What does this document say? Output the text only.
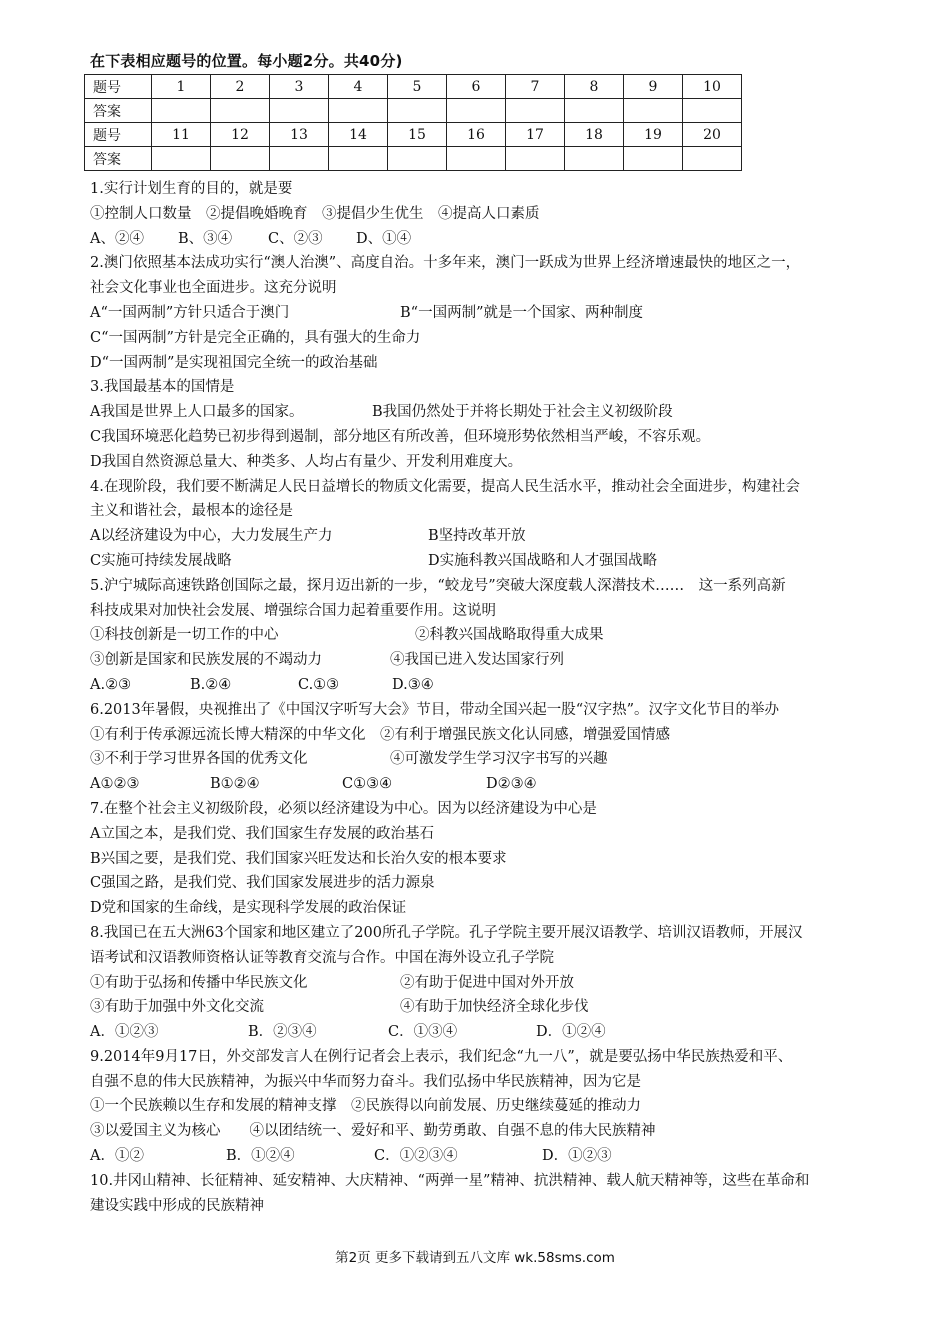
在下表相应题号的位置。每小题2分。共40分)
题号	1	2	3	4	5	6	7	8	9	10
答案										
题号	11	12	13	14	15	16	17	18	19	20
答案										
1.实行计划生育的目的，就是要
①控制人口数量　②提倡晚婚晚育　③提倡少生优生　④提高人口素质
A、②④ B、③④ C、②③ D、①④
2.澳门依照基本法成功实行“澳人治澳”、高度自治。十多年来，澳门一跃成为世界上经济增速最快的地区之一，
社会文化事业也全面进步。这充分说明
A“一国两制”方针只适合于澳门	B“一国两制”就是一个国家、两种制度
C“一国两制”方针是完全正确的，具有强大的生命力
D“一国两制”是实现祖国完全统一的政治基础
3.我国最基本的国情是
A我国是世界上人口最多的国家。	B我国仍然处于并将长期处于社会主义初级阶段
C我国环境恶化趋势已初步得到遏制，部分地区有所改善，但环境形势依然相当严峻，不容乐观。
D我国自然资源总量大、种类多、人均占有量少、开发利用难度大。
4.在现阶段，我们要不断满足人民日益增长的物质文化需要，提高人民生活水平，推动社会全面进步，构建社会
主义和谐社会，最根本的途径是
A以经济建设为中心，大力发展生产力	B坚持改革开放
C实施可持续发展战略	D实施科教兴国战略和人才强国战略
5.沪宁城际高速铁路创国际之最，探月迈出新的一步，“蛟龙号”突破大深度载人深潜技术……　这一系列高新
科技成果对加快社会发展、增强综合国力起着重要作用。这说明
①科技创新是一切工作的中心	②科教兴国战略取得重大成果
③创新是国家和民族发展的不竭动力	④我国已进入发达国家行列
A.②③	B.②④	C.①③	D.③④
6.2013年暑假，央视推出了《中国汉字听写大会》节目，带动全国兴起一股“汉字热”。汉字文化节目的举办
①有利于传承源远流长博大精深的中华文化　②有利于增强民族文化认同感，增强爱国情感
③不利于学习世界各国的优秀文化	④可激发学生学习汉字书写的兴趣
A①②③	B①②④	C①③④	D②③④
7.在整个社会主义初级阶段，必须以经济建设为中心。因为以经济建设为中心是
A立国之本，是我们党、我们国家生存发展的政治基石
B兴国之要，是我们党、我们国家兴旺发达和长治久安的根本要求
C强国之路，是我们党、我们国家发展进步的活力源泉
D党和国家的生命线，是实现科学发展的政治保证
8.我国已在五大洲63个国家和地区建立了200所孔子学院。孔子学院主要开展汉语教学、培训汉语教师，开展汉
语考试和汉语教师资格认证等教育交流与合作。中国在海外设立孔子学院
①有助于弘扬和传播中华民族文化	②有助于促进中国对外开放
③有助于加强中外文化交流	④有助于加快经济全球化步伐
A．①②③	B．②③④	C．①③④	D．①②④
9.2014年9月17日，外交部发言人在例行记者会上表示，我们纪念“九一八”，就是要弘扬中华民族热爱和平、
自强不息的伟大民族精神，为振兴中华而努力奋斗。我们弘扬中华民族精神，因为它是
①一个民族赖以生存和发展的精神支撑　②民族得以向前发展、历史继续蔓延的推动力
③以爱国主义为核心　　④以团结统一、爱好和平、勤劳勇敢、自强不息的伟大民族精神
A．①②	B．①②④	C．①②③④	D．①②③
10.井冈山精神、长征精神、延安精神、大庆精神、“两弹一星”精神、抗洪精神、载人航天精神等，这些在革命和
建设实践中形成的民族精神
第2页 更多下载请到五八文库 wk.58sms.com
